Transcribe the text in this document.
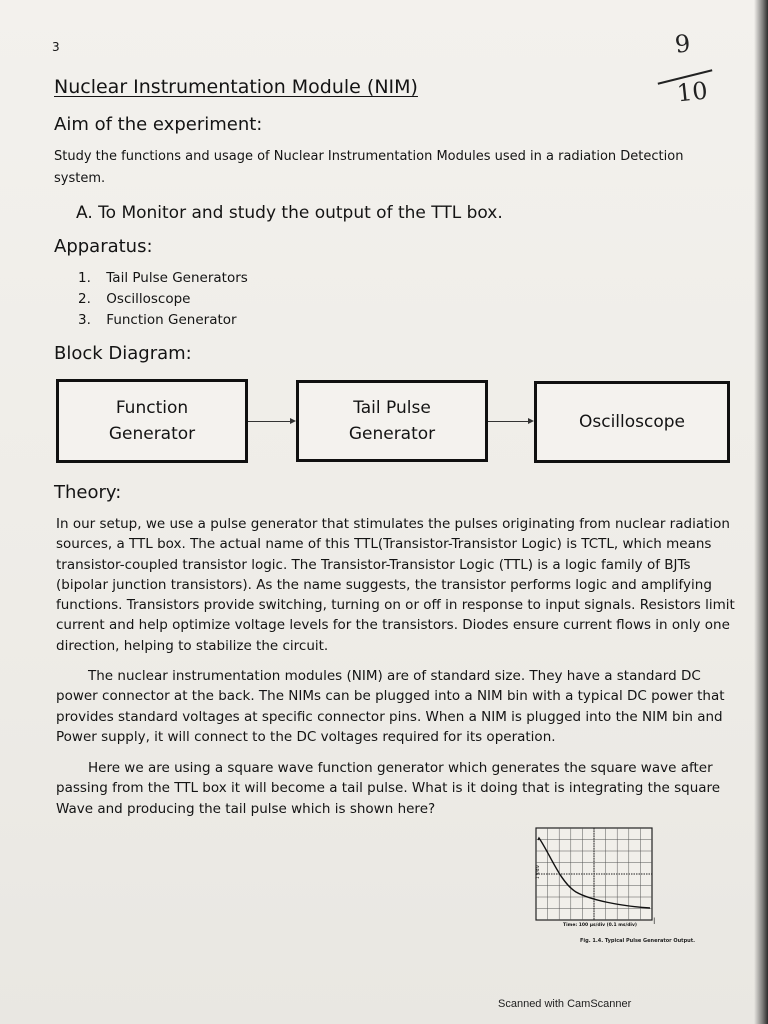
3	9
10
Nuclear Instrumentation Module (NIM)
Aim of the experiment:
Study the functions and usage of Nuclear Instrumentation Modules used in a radiation Detection system.
A. To Monitor and study the output of the TTL box.
Apparatus:
1. Tail Pulse Generators
2. Oscilloscope
3. Function Generator
Block Diagram:
Function
Generator
Tail Pulse
Generator
Oscilloscope
Theory:

In our setup, we use a pulse generator that stimulates the pulses originating from nuclear radiation sources, a TTL box. The actual name of this TTL(Transistor-Transistor Logic) is TCTL, which means transistor-coupled transistor logic. The Transistor-Transistor Logic (TTL) is a logic family of BJTs (bipolar junction transistors). As the name suggests, the transistor performs logic and amplifying functions. Transistors provide switching, turning on or off in response to input signals. Resistors limit current and help optimize voltage levels for the transistors. Diodes ensure current flows in only one direction, helping to stabilize the circuit.

The nuclear instrumentation modules (NIM) are of standard size. They have a standard DC power connector at the back. The NIMs can be plugged into a NIM bin with a typical DC power that provides standard voltages at specific connector pins. When a NIM is plugged into the NIM bin and Power supply, it will connect to the DC voltages required for its operation.

Here we are using a square wave function generator which generates the square wave after passing from the TTL box it will become a tail pulse. What is it doing that is integrating the square Wave and producing the tail pulse which is shown here?

1 V/div
|
Time: 100 µs/div (0.1 ms/div)
Fig. 1.4. Typical Pulse Generator Output.
Scanned with CamScanner
